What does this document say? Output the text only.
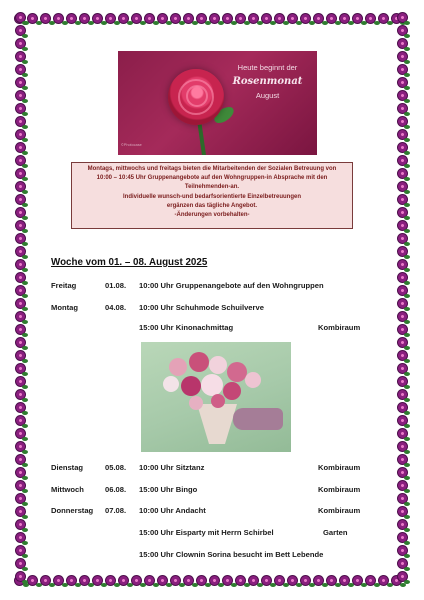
Heute beginnt der
Rosenmonat
August
©Photocase
Montags, mittwochs und freitags bieten die Mitarbeitenden der Sozialen Betreuung von
10:00 – 10:45 Uhr Gruppenangebote auf den Wohngruppen-in Absprache mit den
Teilnehmenden-an.
Individuelle wunsch-und bedarfsorientierte Einzelbetreuungen
ergänzen das tägliche Angebot.
-Änderungen vorbehalten-
Woche vom 01. – 08. August 2025
Freitag	01.08. 10:00 Uhr Gruppenangebote auf den Wohngruppen
Montag	04.08. 10:00 Uhr Schuhmode Schuilverve
15:00 Uhr Kinonachmittag	Kombiraum
Dienstag	05.08. 10:00 Uhr Sitztanz	Kombiraum
Mittwoch	06.08. 15:00 Uhr Bingo	Kombiraum
Donnerstag 07.08. 10:00 Uhr Andacht	Kombiraum
15:00 Uhr Eisparty mit Herrn Schirbel	Garten
15:00 Uhr Clownin Sorina besucht im Bett Lebende
